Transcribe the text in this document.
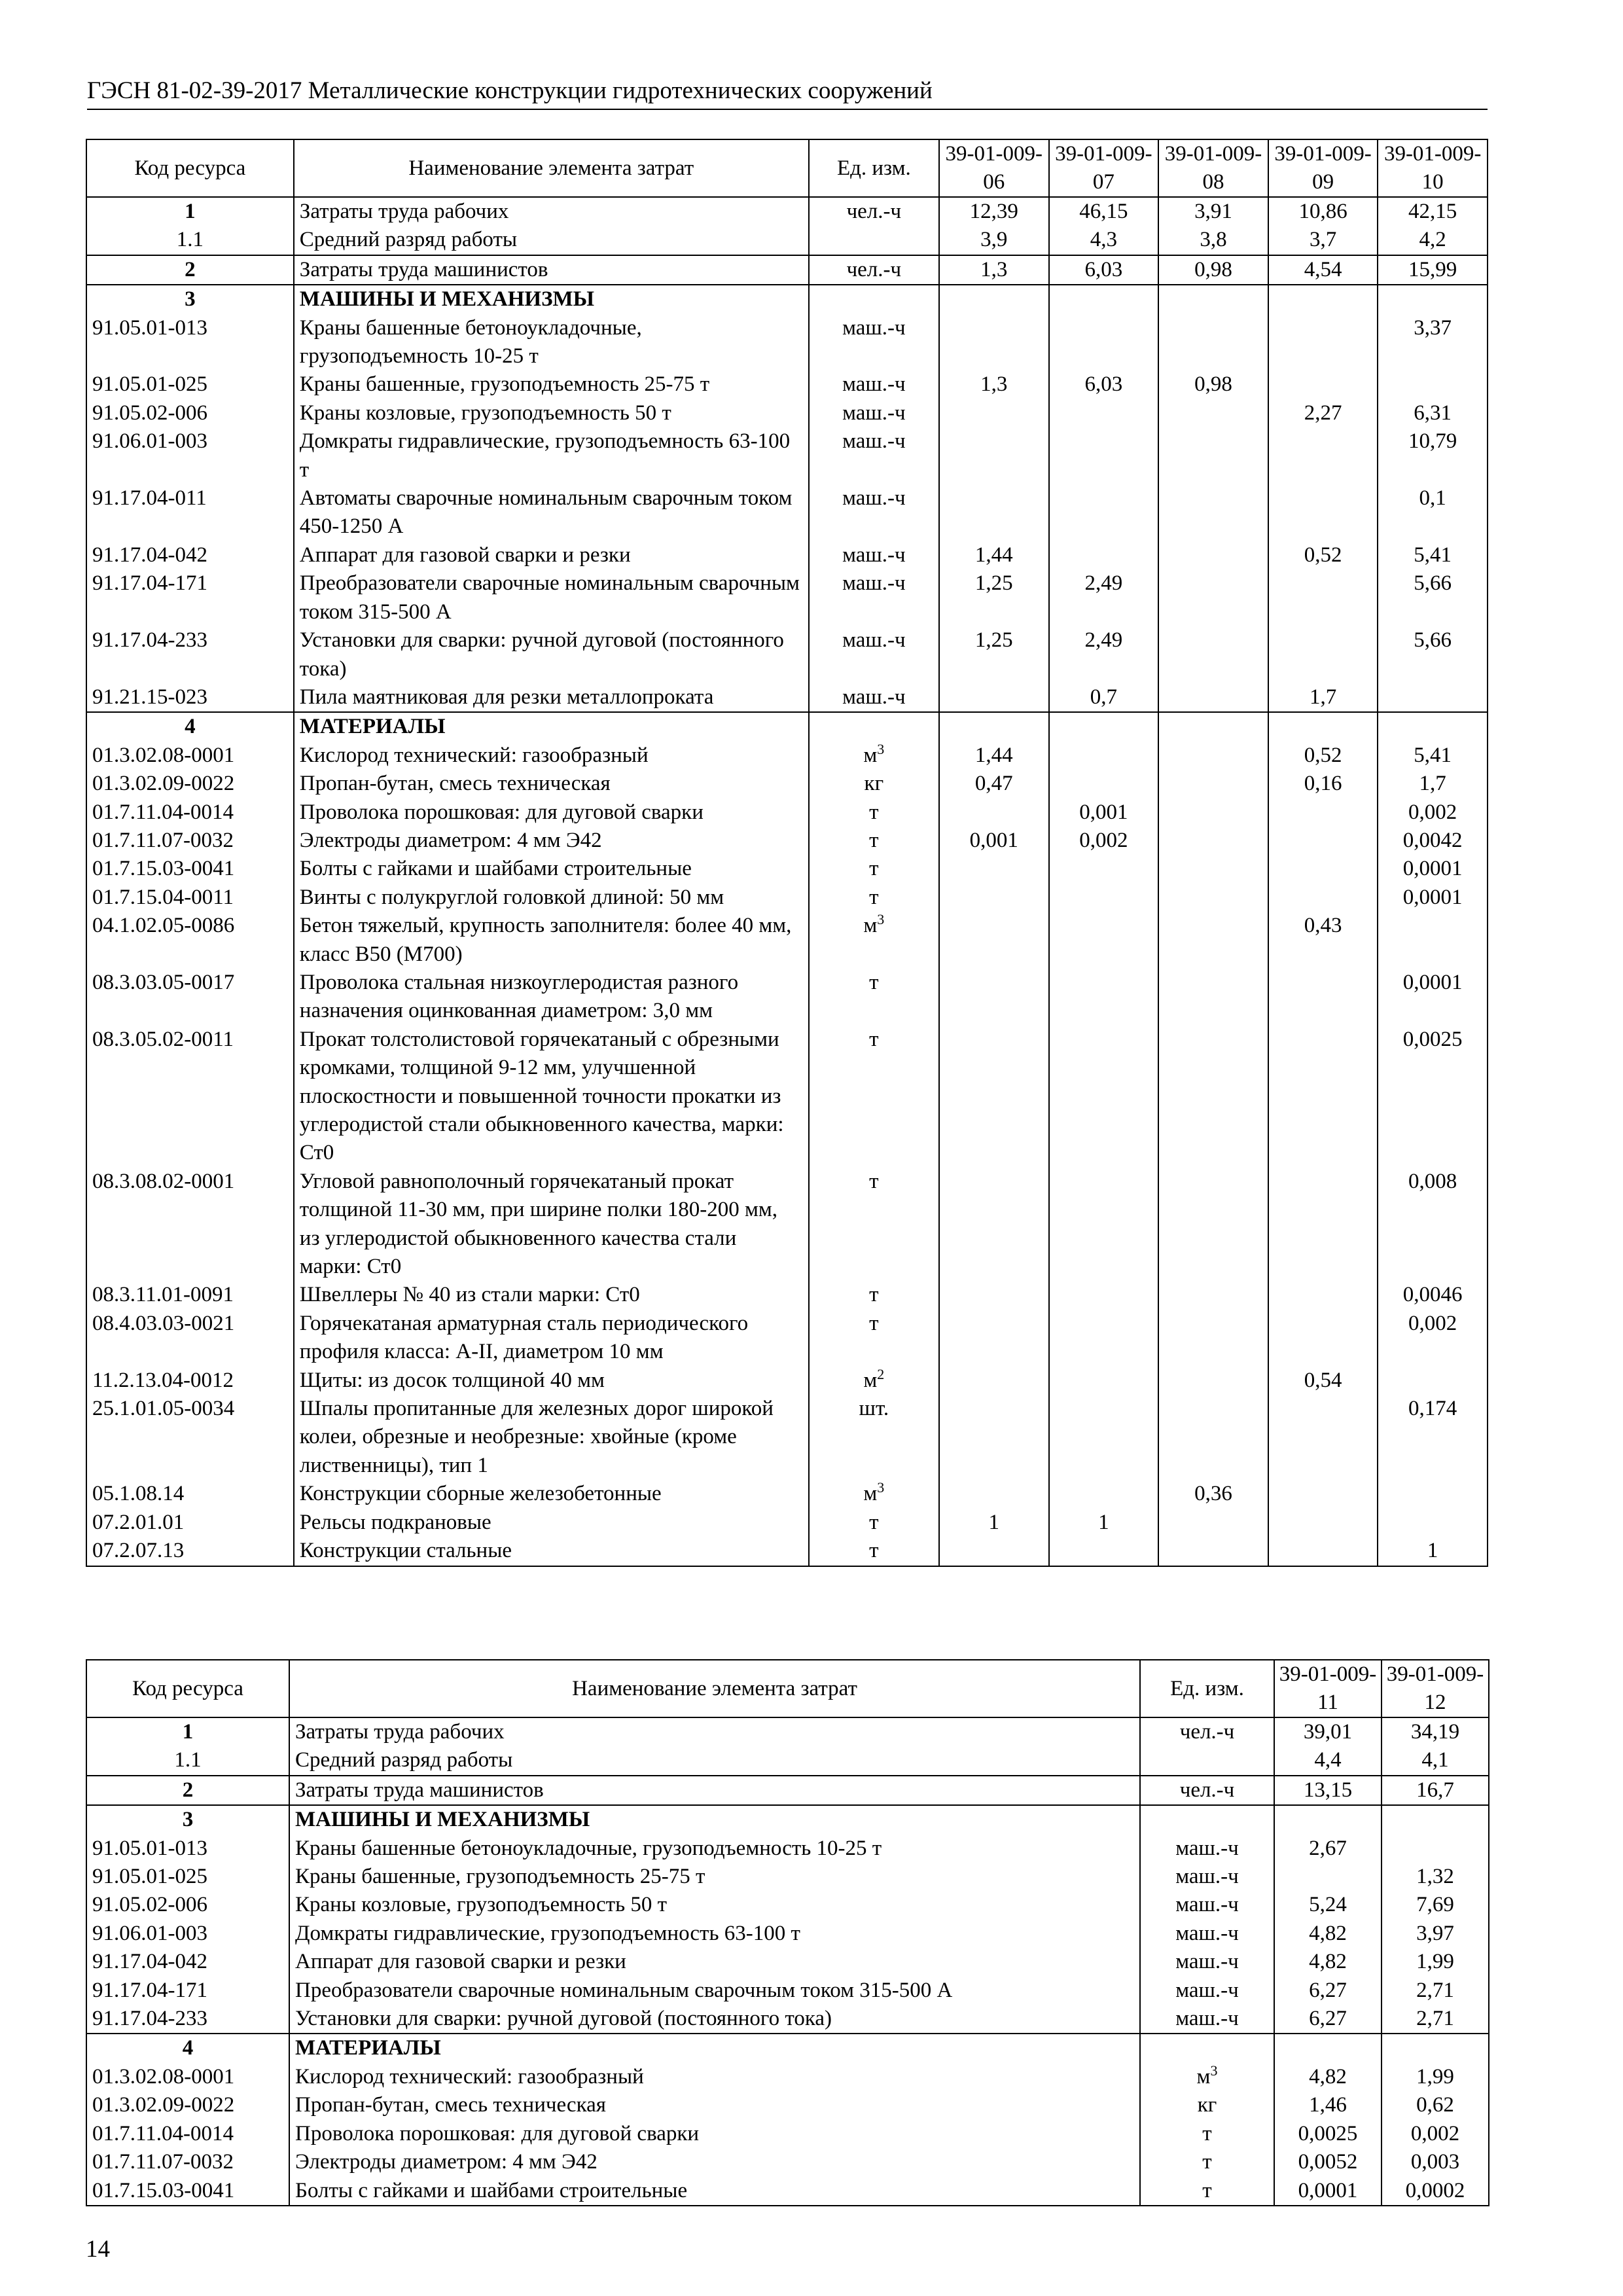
ГЭСН 81-02-39-2017 Металлические конструкции гидротехнических сооружений
Код ресурса	Наименование элемента затрат	Ед. изм.	39-01-009-06	39-01-009-07	39-01-009-08	39-01-009-09	39-01-009-10
1	Затраты труда рабочих	чел.-ч	12,39	46,15	3,91	10,86	42,15
1.1	Средний разряд работы		3,9	4,3	3,8	3,7	4,2
2	Затраты труда машинистов	чел.-ч	1,3	6,03	0,98	4,54	15,99
3	МАШИНЫ И МЕХАНИЗМЫ						
91.05.01-013	Краны башенные бетоноукладочные, грузоподъемность 10-25 т	маш.-ч					3,37
91.05.01-025	Краны башенные, грузоподъемность 25-75 т	маш.-ч	1,3	6,03	0,98		
91.05.02-006	Краны козловые, грузоподъемность 50 т	маш.-ч				2,27	6,31
91.06.01-003	Домкраты гидравлические, грузоподъемность 63-100 т	маш.-ч					10,79
91.17.04-011	Автоматы сварочные номинальным сварочным током 450-1250 А	маш.-ч					0,1
91.17.04-042	Аппарат для газовой сварки и резки	маш.-ч	1,44			0,52	5,41
91.17.04-171	Преобразователи сварочные номинальным сварочным током 315-500 А	маш.-ч	1,25	2,49			5,66
91.17.04-233	Установки для сварки: ручной дуговой (постоянного тока)	маш.-ч	1,25	2,49			5,66
91.21.15-023	Пила маятниковая для резки металлопроката	маш.-ч		0,7		1,7	
4	МАТЕРИАЛЫ						
01.3.02.08-0001	Кислород технический: газообразный	$м^3$	1,44			0,52	5,41
01.3.02.09-0022	Пропан-бутан, смесь техническая	кг	0,47			0,16	1,7
01.7.11.04-0014	Проволока порошковая: для дуговой сварки	т		0,001			0,002
01.7.11.07-0032	Электроды диаметром: 4 мм Э42	т	0,001	0,002			0,0042
01.7.15.03-0041	Болты с гайками и шайбами строительные	т					0,0001
01.7.15.04-0011	Винты с полукруглой головкой длиной: 50 мм	т					0,0001
04.1.02.05-0086	Бетон тяжелый, крупность заполнителя: более 40 мм, класс В50 (М700)	$м^3$				0,43	
08.3.03.05-0017	Проволока стальная низкоуглеродистая разного назначения оцинкованная диаметром: 3,0 мм	т					0,0001
08.3.05.02-0011	Прокат толстолистовой горячекатаный с обрезными кромками, толщиной 9-12 мм, улучшенной плоскостности и повышенной точности прокатки из углеродистой стали обыкновенного качества, марки: Ст0	т					0,0025
08.3.08.02-0001	Угловой равнополочный горячекатаный прокат толщиной 11-30 мм, при ширине полки 180-200 мм, из углеродистой обыкновенного качества стали марки: Ст0	т					0,008
08.3.11.01-0091	Швеллеры № 40 из стали марки: Ст0	т					0,0046
08.4.03.03-0021	Горячекатаная арматурная сталь периодического профиля класса: А-II, диаметром 10 мм	т					0,002
11.2.13.04-0012	Щиты: из досок толщиной 40 мм	$м^2$				0,54	
25.1.01.05-0034	Шпалы пропитанные для железных дорог широкой колеи, обрезные и необрезные: хвойные (кроме лиственницы), тип 1	шт.					0,174
05.1.08.14	Конструкции сборные железобетонные	$м^3$			0,36		
07.2.01.01	Рельсы подкрановые	т	1	1			
07.2.07.13	Конструкции стальные	т					1
Код ресурса	Наименование элемента затрат	Ед. изм.	39-01-009-11	39-01-009-12
1	Затраты труда рабочих	чел.-ч	39,01	34,19
1.1	Средний разряд работы		4,4	4,1
2	Затраты труда машинистов	чел.-ч	13,15	16,7
3	МАШИНЫ И МЕХАНИЗМЫ			
91.05.01-013	Краны башенные бетоноукладочные, грузоподъемность 10-25 т	маш.-ч	2,67	
91.05.01-025	Краны башенные, грузоподъемность 25-75 т	маш.-ч		1,32
91.05.02-006	Краны козловые, грузоподъемность 50 т	маш.-ч	5,24	7,69
91.06.01-003	Домкраты гидравлические, грузоподъемность 63-100 т	маш.-ч	4,82	3,97
91.17.04-042	Аппарат для газовой сварки и резки	маш.-ч	4,82	1,99
91.17.04-171	Преобразователи сварочные номинальным сварочным током 315-500 А	маш.-ч	6,27	2,71
91.17.04-233	Установки для сварки: ручной дуговой (постоянного тока)	маш.-ч	6,27	2,71
4	МАТЕРИАЛЫ			
01.3.02.08-0001	Кислород технический: газообразный	$м^3$	4,82	1,99
01.3.02.09-0022	Пропан-бутан, смесь техническая	кг	1,46	0,62
01.7.11.04-0014	Проволока порошковая: для дуговой сварки	т	0,0025	0,002
01.7.11.07-0032	Электроды диаметром: 4 мм Э42	т	0,0052	0,003
01.7.15.03-0041	Болты с гайками и шайбами строительные	т	0,0001	0,0002
14
